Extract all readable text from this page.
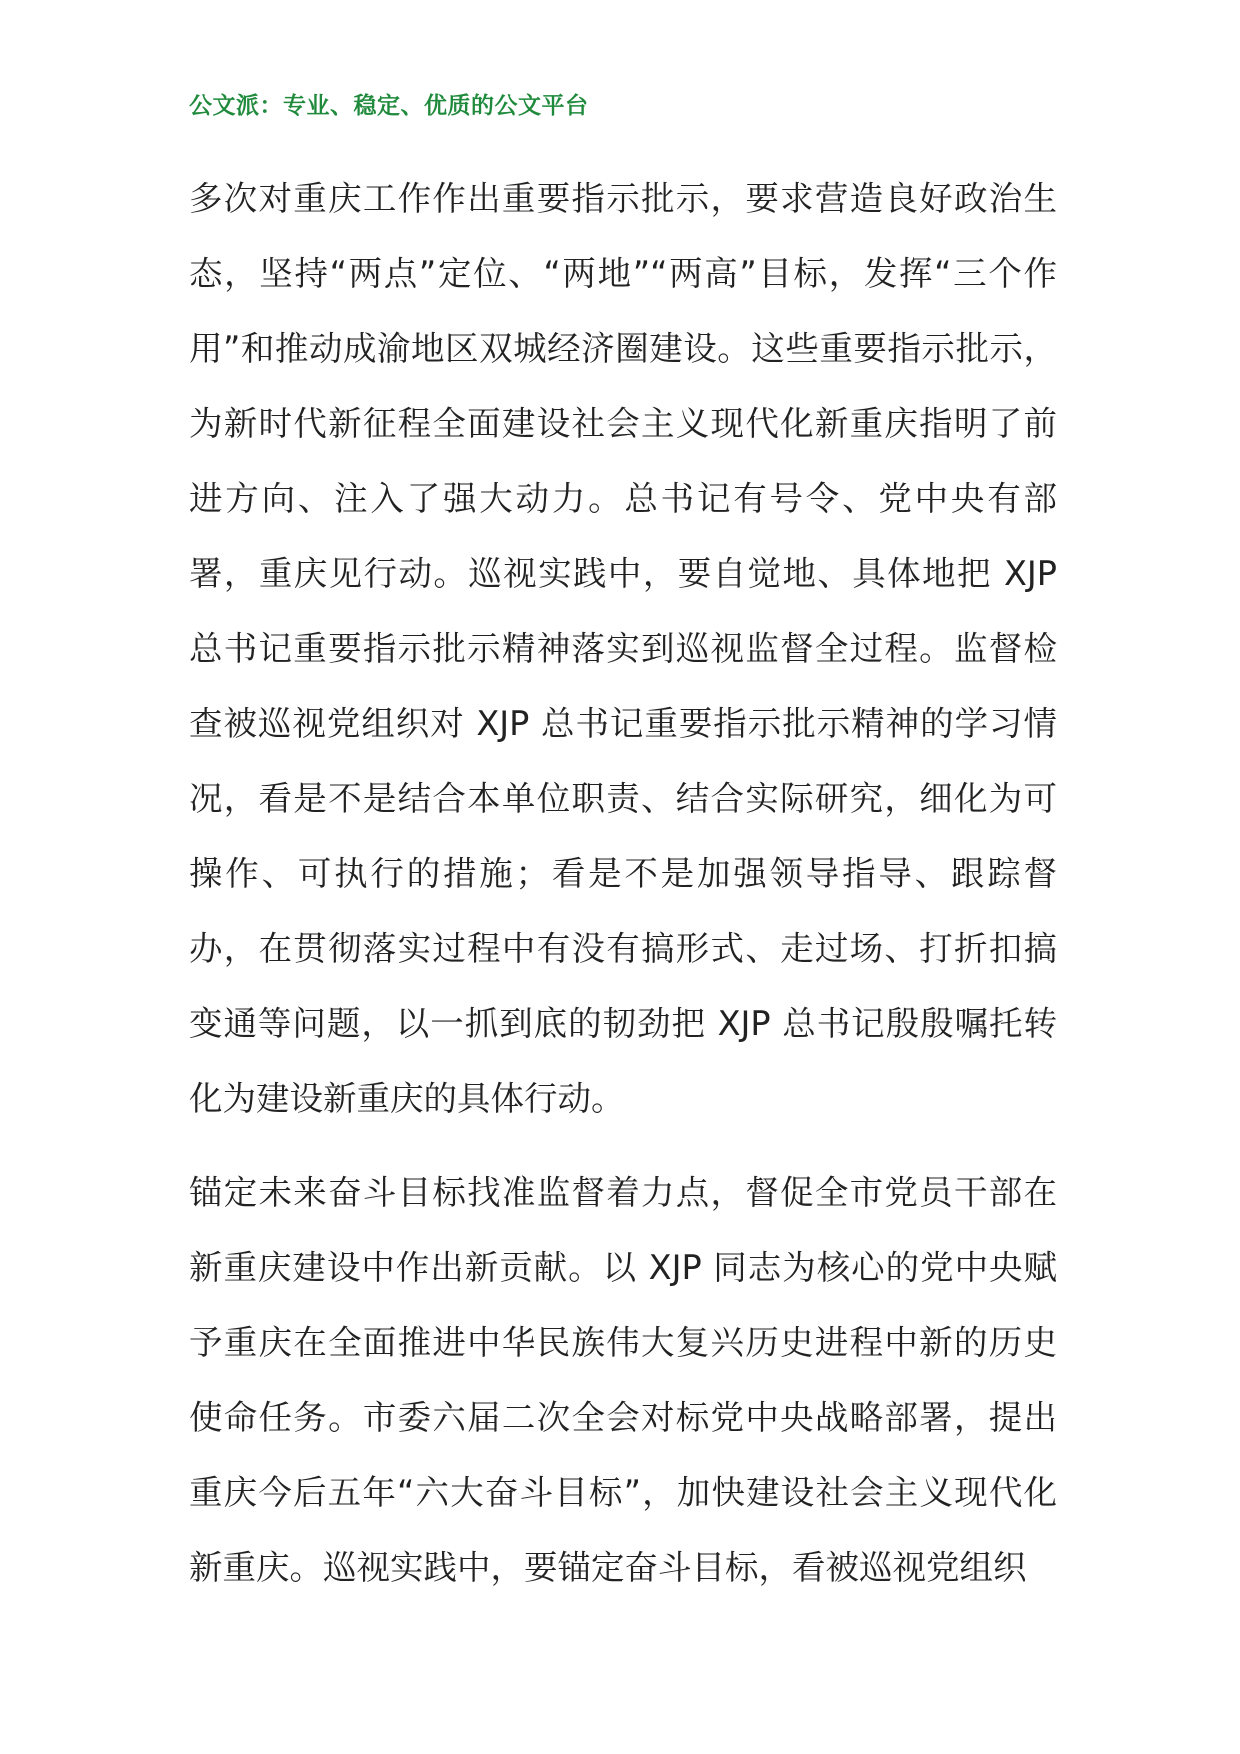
公文派：专业、稳定、优质的公文平台

多次对重庆工作作出重要指示批示，要求营造良好政治生态，坚持“两点”定位、“两地”“两高”目标，发挥“三个作用”和推动成渝地区双城经济圈建设。这些重要指示批示，为新时代新征程全面建设社会主义现代化新重庆指明了前进方向、注入了强大动力。总书记有号令、党中央有部署，重庆见行动。巡视实践中，要自觉地、具体地把 XJP 总书记重要指示批示精神落实到巡视监督全过程。监督检查被巡视党组织对 XJP 总书记重要指示批示精神的学习情况，看是不是结合本单位职责、结合实际研究，细化为可操作、可执行的措施；看是不是加强领导指导、跟踪督办，在贯彻落实过程中有没有搞形式、走过场、打折扣搞变通等问题，以一抓到底的韧劲把 XJP 总书记殷殷嘱托转化为建设新重庆的具体行动。

锚定未来奋斗目标找准监督着力点，督促全市党员干部在新重庆建设中作出新贡献。以 XJP 同志为核心的党中央赋予重庆在全面推进中华民族伟大复兴历史进程中新的历史使命任务。市委六届二次全会对标党中央战略部署，提出重庆今后五年“六大奋斗目标”，加快建设社会主义现代化新重庆。巡视实践中，要锚定奋斗目标，看被巡视党组织
